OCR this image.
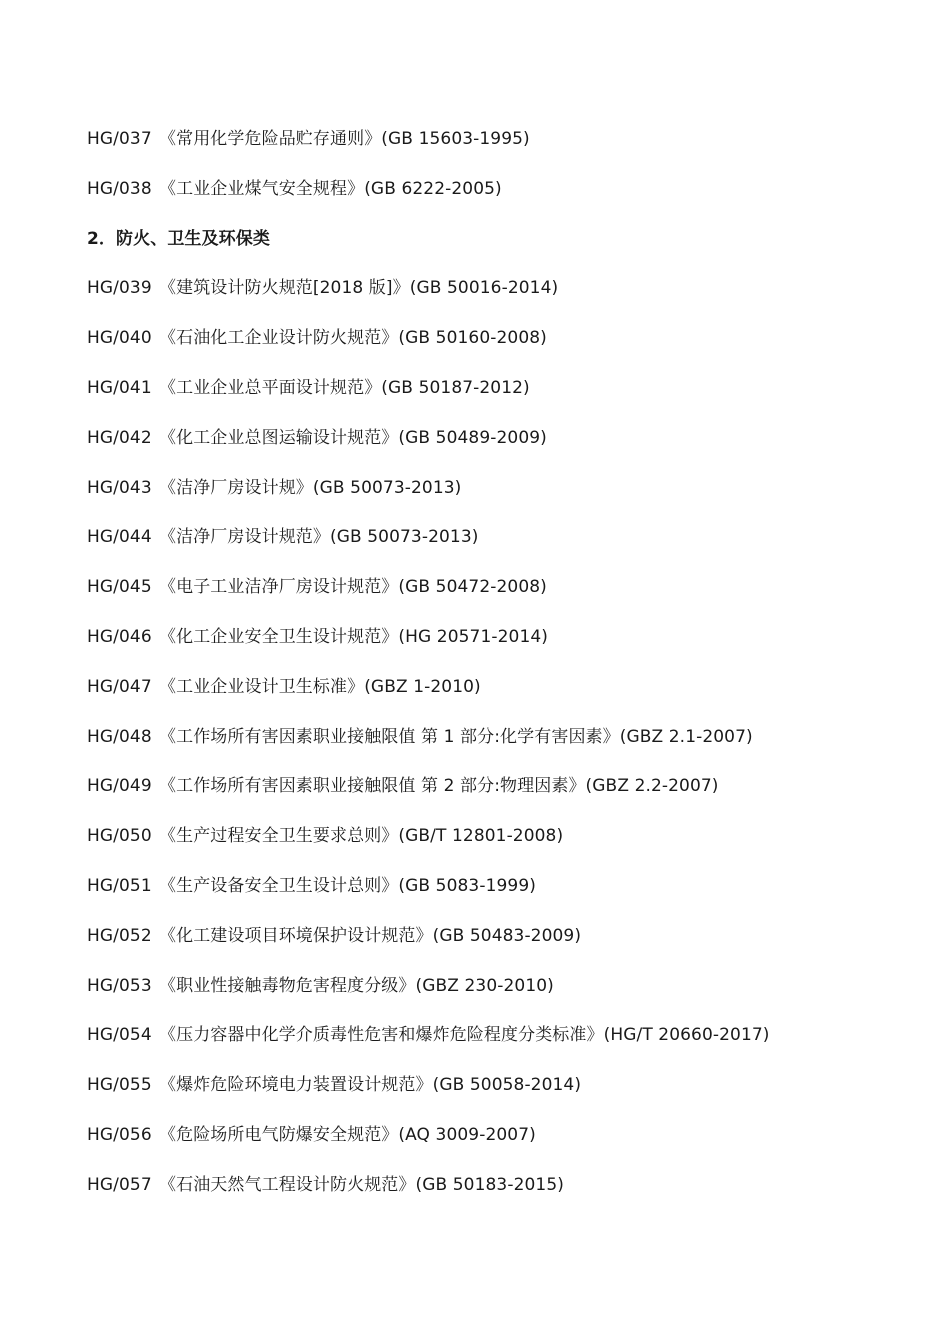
HG/037 《常用化学危险品贮存通则》(GB 15603-1995)
HG/038 《工业企业煤气安全规程》(GB 6222-2005)
2．防火、卫生及环保类
HG/039 《建筑设计防火规范[2018 版]》(GB 50016-2014)
HG/040 《石油化工企业设计防火规范》(GB 50160-2008)
HG/041 《工业企业总平面设计规范》(GB 50187-2012)
HG/042 《化工企业总图运输设计规范》(GB 50489-2009)
HG/043 《洁净厂房设计规》(GB 50073-2013)
HG/044 《洁净厂房设计规范》(GB 50073-2013)
HG/045 《电子工业洁净厂房设计规范》(GB 50472-2008)
HG/046 《化工企业安全卫生设计规范》(HG 20571-2014)
HG/047 《工业企业设计卫生标准》(GBZ 1-2010)
HG/048 《工作场所有害因素职业接触限值 第 1 部分:化学有害因素》(GBZ 2.1-2007)
HG/049 《工作场所有害因素职业接触限值 第 2 部分:物理因素》(GBZ 2.2-2007)
HG/050 《生产过程安全卫生要求总则》(GB/T 12801-2008)
HG/051 《生产设备安全卫生设计总则》(GB 5083-1999)
HG/052 《化工建设项目环境保护设计规范》(GB 50483-2009)
HG/053 《职业性接触毒物危害程度分级》(GBZ 230-2010)
HG/054 《压力容器中化学介质毒性危害和爆炸危险程度分类标准》(HG/T 20660-2017)
HG/055 《爆炸危险环境电力装置设计规范》(GB 50058-2014)
HG/056 《危险场所电气防爆安全规范》(AQ 3009-2007)
HG/057 《石油天然气工程设计防火规范》(GB 50183-2015)
